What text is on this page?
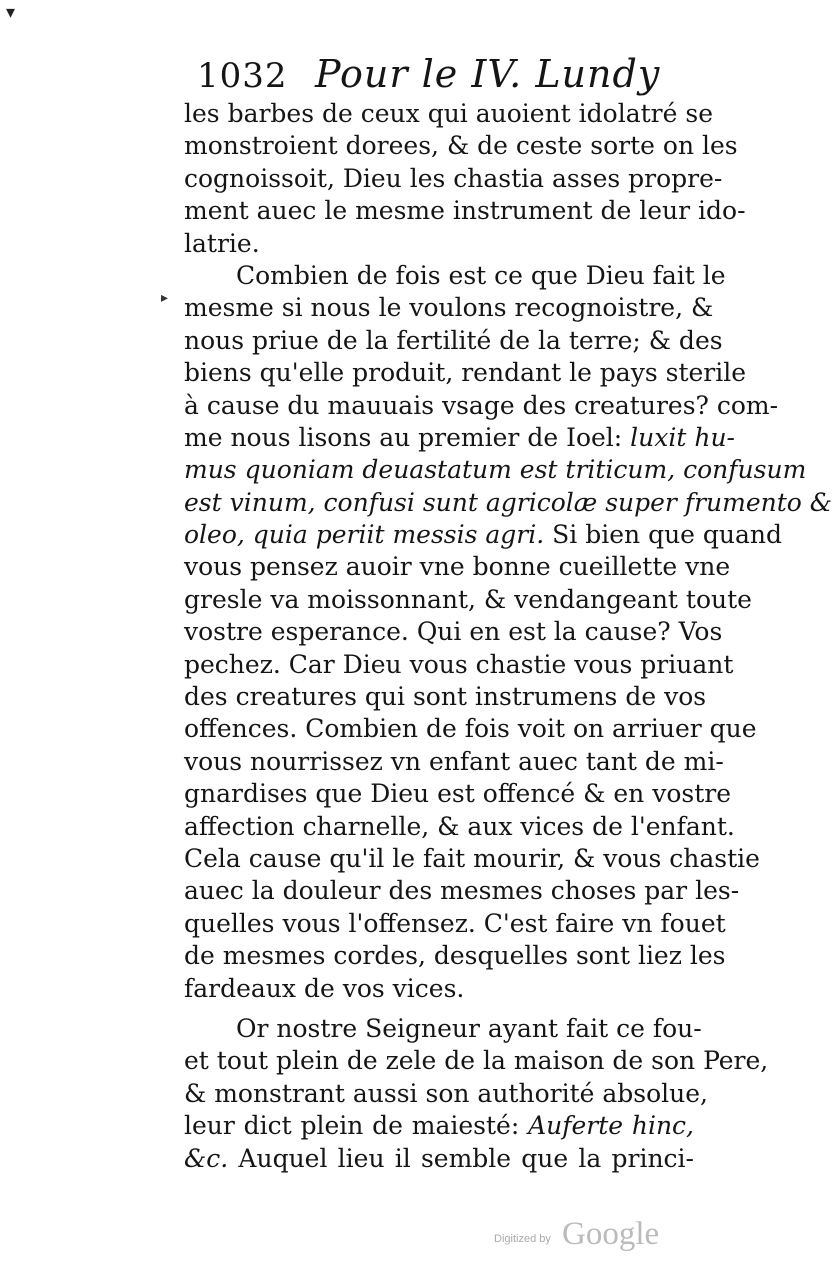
▾
▸
1032 Pour le IV. Lundy
les barbes de ceux qui auoient idolatré se
monstroient dorees, & de ceste sorte on les
cognoissoit, Dieu les chastia asses propre-
ment auec le mesme instrument de leur ido-
latrie.
Combien de fois est ce que Dieu fait le
mesme si nous le voulons recognoistre, &
nous priue de la fertilité de la terre; & des
biens qu'elle produit, rendant le pays sterile
à cause du mauuais vsage des creatures? com-
me nous lisons au premier de Ioel: luxit hu-
mus quoniam deuastatum est triticum, confusum
est vinum, confusi sunt agricolæ super frumento &
oleo, quia periit messis agri. Si bien que quand
vous pensez auoir vne bonne cueillette vne
gresle va moissonnant, & vendangeant toute
vostre esperance. Qui en est la cause? Vos
pechez. Car Dieu vous chastie vous priuant
des creatures qui sont instrumens de vos
offences. Combien de fois voit on arriuer que
vous nourrissez vn enfant auec tant de mi-
gnardises que Dieu est offencé & en vostre
affection charnelle, & aux vices de l'enfant.
Cela cause qu'il le fait mourir, & vous chastie
auec la douleur des mesmes choses par les-
quelles vous l'offensez. C'est faire vn fouet
de mesmes cordes, desquelles sont liez les
fardeaux de vos vices.
Or nostre Seigneur ayant fait ce fou-
et tout plein de zele de la maison de son Pere,
& monstrant aussi son authorité absolue,
leur dict plein de maiesté: Auferte hinc,
&c. Auquel lieu il semble que la princi-
Digitized by Google
